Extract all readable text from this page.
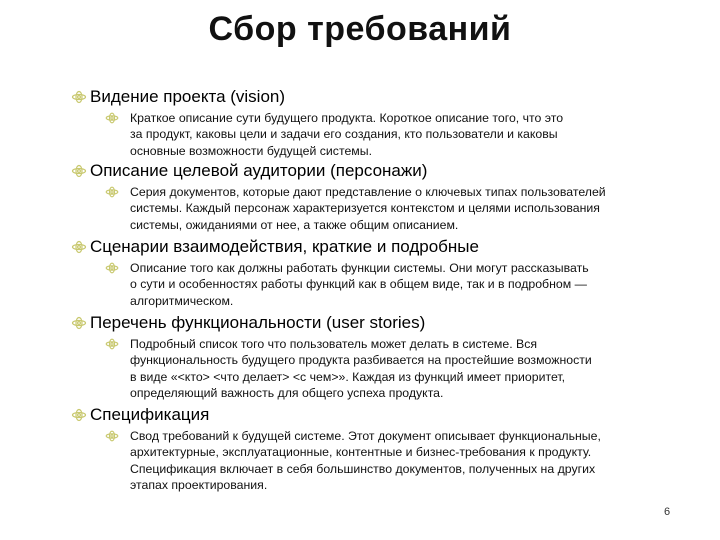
Сбор требований
Видение проекта (vision)
Краткое описание сути будущего продукта. Короткое описание того, что это
за продукт, каковы цели и задачи его создания, кто пользователи и каковы
основные возможности будущей системы.
Описание целевой аудитории (персонажи)
Серия документов, которые дают представление о ключевых типах пользователей
системы. Каждый персонаж характеризуется контекстом и целями использования
системы, ожиданиями от нее, а также общим описанием.
Сценарии взаимодействия, краткие и подробные
Описание того как должны работать функции системы. Они могут рассказывать
о сути и особенностях работы функций как в общем виде, так и в подробном —
алгоритмическом.
Перечень функциональности (user stories)
Подробный список того что пользователь может делать в системе. Вся
функциональность будущего продукта разбивается на простейшие возможности
в виде «<кто> <что делает> <с чем>». Каждая из функций имеет приоритет,
определяющий важность для общего успеха продукта.
Спецификация
Свод требований к будущей системе. Этот документ описывает функциональные,
архитектурные, эксплуатационные, контентные и бизнес-требования к продукту.
Спецификация включает в себя большинство документов, полученных на других
этапах проектирования.
6
